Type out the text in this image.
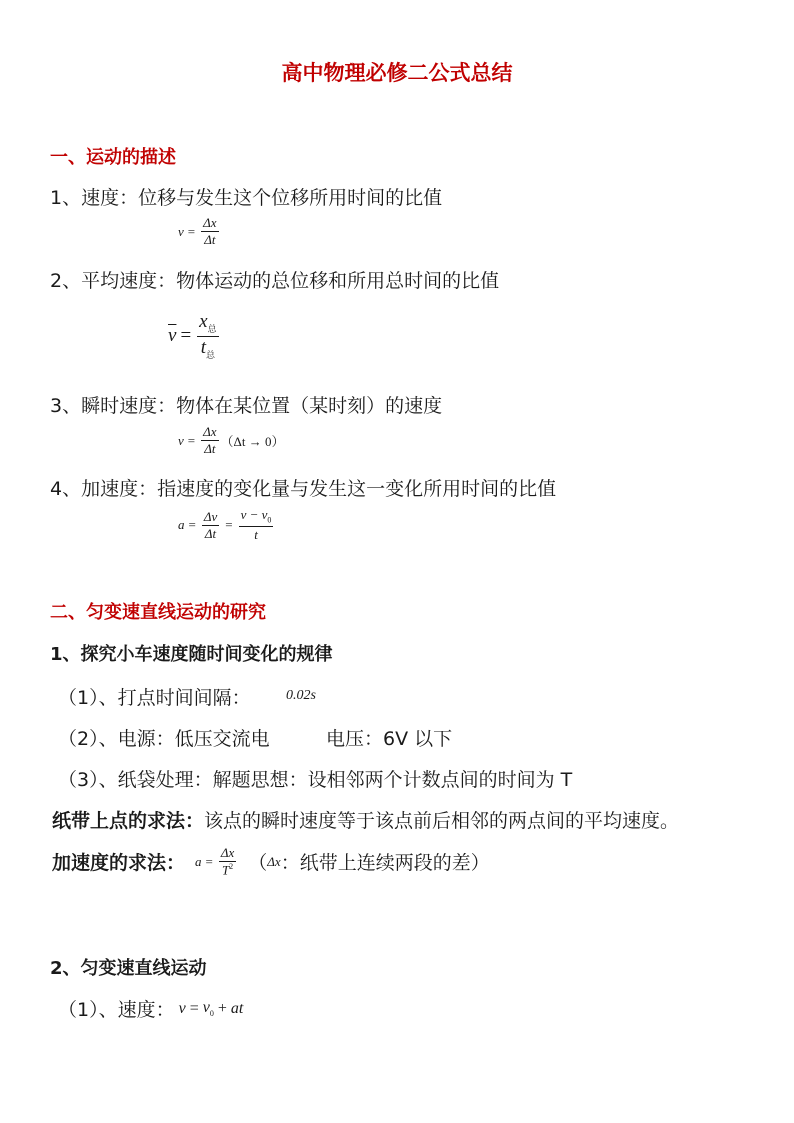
高中物理必修二公式总结
一、运动的描述
1、速度：位移与发生这个位移所用时间的比值
$v = \frac{\Delta x}{\Delta t}$
2、平均速度：物体运动的总位移和所用总时间的比值
$\overline{v} = \frac{x_总}{t_总}$
3、瞬时速度：物体在某位置（某时刻）的速度
$v = \frac{\Delta x}{\Delta t} (\Delta t \to 0)$
4、加速度：指速度的变化量与发生这一变化所用时间的比值
$a = \frac{\Delta v}{\Delta t} = \frac{v - v_0}{t}$
二、匀变速直线运动的研究
1、探究小车速度随时间变化的规律
（1）、打点时间间隔：	0.02s
（2）、电源：低压交流电	电压：6V 以下
（3）、纸袋处理：解题思想：设相邻两个计数点间的时间为 T
纸带上点的求法：该点的瞬时速度等于该点前后相邻的两点间的平均速度。
加速度的求法： $a = \frac{\Delta x}{T^2}$ （ Δx ：纸带上连续两段的差）
2、匀变速直线运动
（1）、速度： $v = v_0$ + at
